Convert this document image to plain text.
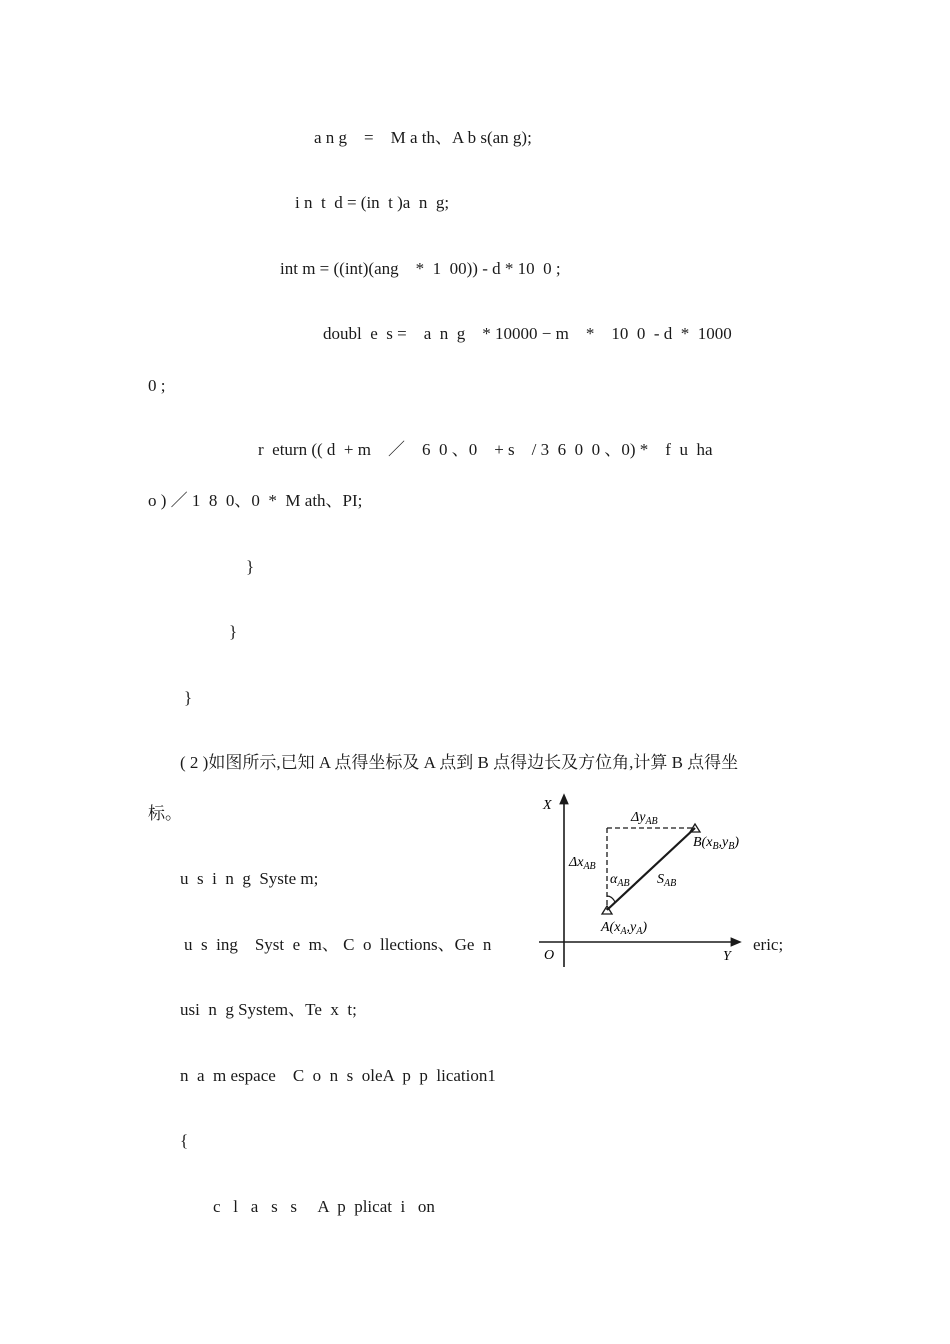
a n g    =    M a th、A b s(an g);
i n  t  d = (in  t )a  n  g;
int m = ((int)(ang    *  1  00)) - d * 10  0 ;
doubl  e  s =    a  n  g    * 10000 − m    *    10  0  - d  *  1000
0 ;
r  eturn (( d  + m    ／    6  0 、0    + s    / 3  6  0  0 、0) *    f  u  ha
o ) ／ 1  8  0、0  *  M ath、PI;
}
}
}
( 2 )如图所示,已知 A 点得坐标及 A 点到 B 点得边长及方位角,计算 B 点得坐
标。
u  s  i  n  g  Syste m;
u  s  ing    Syst  e  m、 C  o  llections、Ge  n	eric;
usi  n  g System、Te  x  t;
n  a  m espace    C  o  n  s  oleA  p  p  lication1
{
c   l   a   s   s     A  p  plicat  i   on
X
Y
O
$\Delta y_{AB}$
$\Delta x_{AB}$
$\alpha_{AB}$ $S_{AB}$
$B(x_B,y_B)$
$A(x_A,y_A)$
